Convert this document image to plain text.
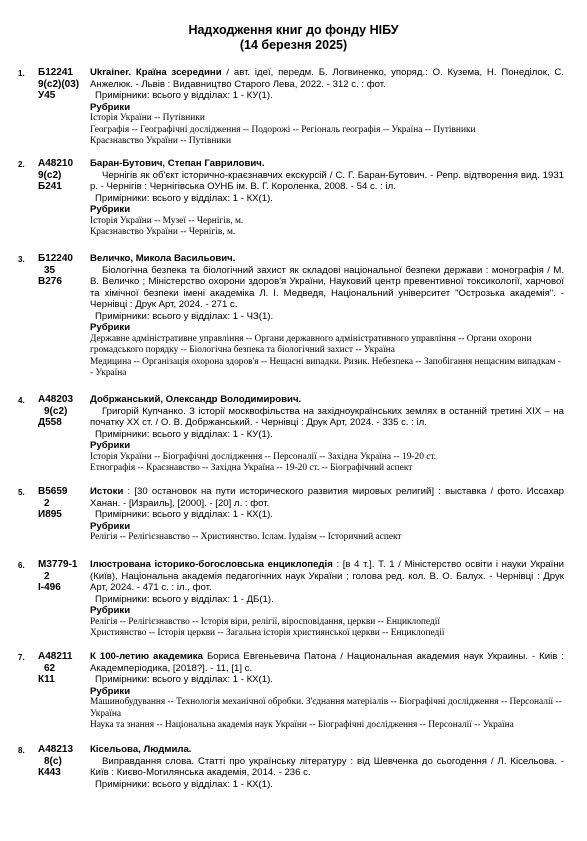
Надходження книг до фонду НІБУ
(14 березня 2025)
1. Б12241
9(с2)(03)
У45

Ukrainer. Країна зсередини / авт. ідеї, передм. Б. Логвиненко, упоряд.: О. Кузема, Н. Понеділок, С. Анжелюк. - Львів : Видавництво Старого Лева, 2022. - 312 с. : фот.

Примірники: всього у відділах: 1 - КУ(1).

Рубрики

Історія України -- Путівники

Географія -- Географічні дослідження -- Подорожі -- Регіональ географія -- Україна -- Путівники

Краєзнавство України -- Путівники

2. А48210
9(с2)
Б241

Баран-Бутович, Степан Гаврилович.

Чернігів як об'єкт історично-краєзнавчих екскурсій / С. Г. Баран-Бутович. - Репр. відтворення вид. 1931 р. - Чернігів : Чернігівська ОУНБ ім. В. Г. Короленка, 2008. - 54 с. : іл.

Примірники: всього у відділах: 1 - КХ(1).

Рубрики

Історія України -- Музеї -- Чернігів, м.

Краєзнавство України -- Чернігів, м.

3. Б12240
35
В276

Величко, Микола Васильович.

Біологічна безпека та біологічний захист як складові національної безпеки держави : монографія / М. В. Величко ; Міністерство охорони здоров'я України, Науковий центр превентивної токсикології, харчової та хімічної безпеки імені академіка Л. І. Медведя, Національний університет "Острозька академія". - Чернівці : Друк Арт, 2024. - 271 с.

Примірники: всього у відділах: 1 - ЧЗ(1).

Рубрики

Державне адміністративне управління -- Органи державного адміністративного управління -- Органи охорони громадського порядку -- Біологічна безпека та біологічний захист -- Україна

Медицина -- Організація охорона здоров'я -- Нещасні випадки. Ризик. Небезпека -- Запобігання нещасним випадкам -- Україна

4. А48203
9(с2)
Д558

Добржанський, Олександр Володимирович.

Григорій Купчанко. З історії москвофільства на західноукраїнських землях в останній третині ХІХ – на початку ХХ ст. / О. В. Добржанський. - Чернівці : Друк Арт, 2024. - 335 с. : іл.

Примірники: всього у відділах: 1 - КУ(1).

Рубрики

Історія України -- Біографічні дослідження -- Персоналії -- Західна Україна -- 19-20 ст.

Етнографія -- Краєзнавство -- Західна Україна -- 19-20 ст. -- Біографічний аспект

5. В5659
2
И895

Истоки : [30 остановок на пути исторического развития мировых религий] : выставка / фото. Иссахар Ханан. - [Израиль], [2000]. - [20] л. : фот.

Примірники: всього у відділах: 1 - КХ(1).

Рубрики

Релігія -- Релігієзнавство -- Християнство. Іслам. Іудаїзм -- Історичний аспект

6. М3779-1
2
І-496

Ілюстрована історико-богословська енциклопедія : [в 4 т.]. Т. 1 / Міністерство освіти і науки України (Київ), Національна академія педагогічних наук України ; голова ред. кол. В. О. Балух. - Чернівці : Друк Арт, 2024. - 471 с. : іл., фот.

Примірники: всього у відділах: 1 - ДБ(1).

Рубрики

Релігія -- Релігієзнавство -- Історія віри, релігії, віросповідання, церкви -- Енциклопедії

Християнство -- Історія церкви -- Загальна історія християнської церкви -- Енциклопедії

7. А48211
62
К11

К 100-летию академика Бориса Евгеньевича Патона / Национальная академия наук Украины. - Киів : Академперіодика, [2018?]. - 11, [1] с.

Примірники: всього у відділах: 1 - КХ(1).

Рубрики

Машинобудування -- Технологія механічної обробки. З'єднання матеріалів -- Біографічні дослідження -- Персоналії -- Україна

Наука та знання -- Національна академія наук України -- Біографічні дослідження -- Персоналії -- Україна

8. А48213
8(с)
К443

Кісельова, Людмила.

Виправдання слова. Статті про українську літературу : від Шевченка до сьогодення / Л. Кісельова. - Київ : Києво-Могилянська академія, 2014. - 236 с.

Примірники: всього у відділах: 1 - КХ(1).
